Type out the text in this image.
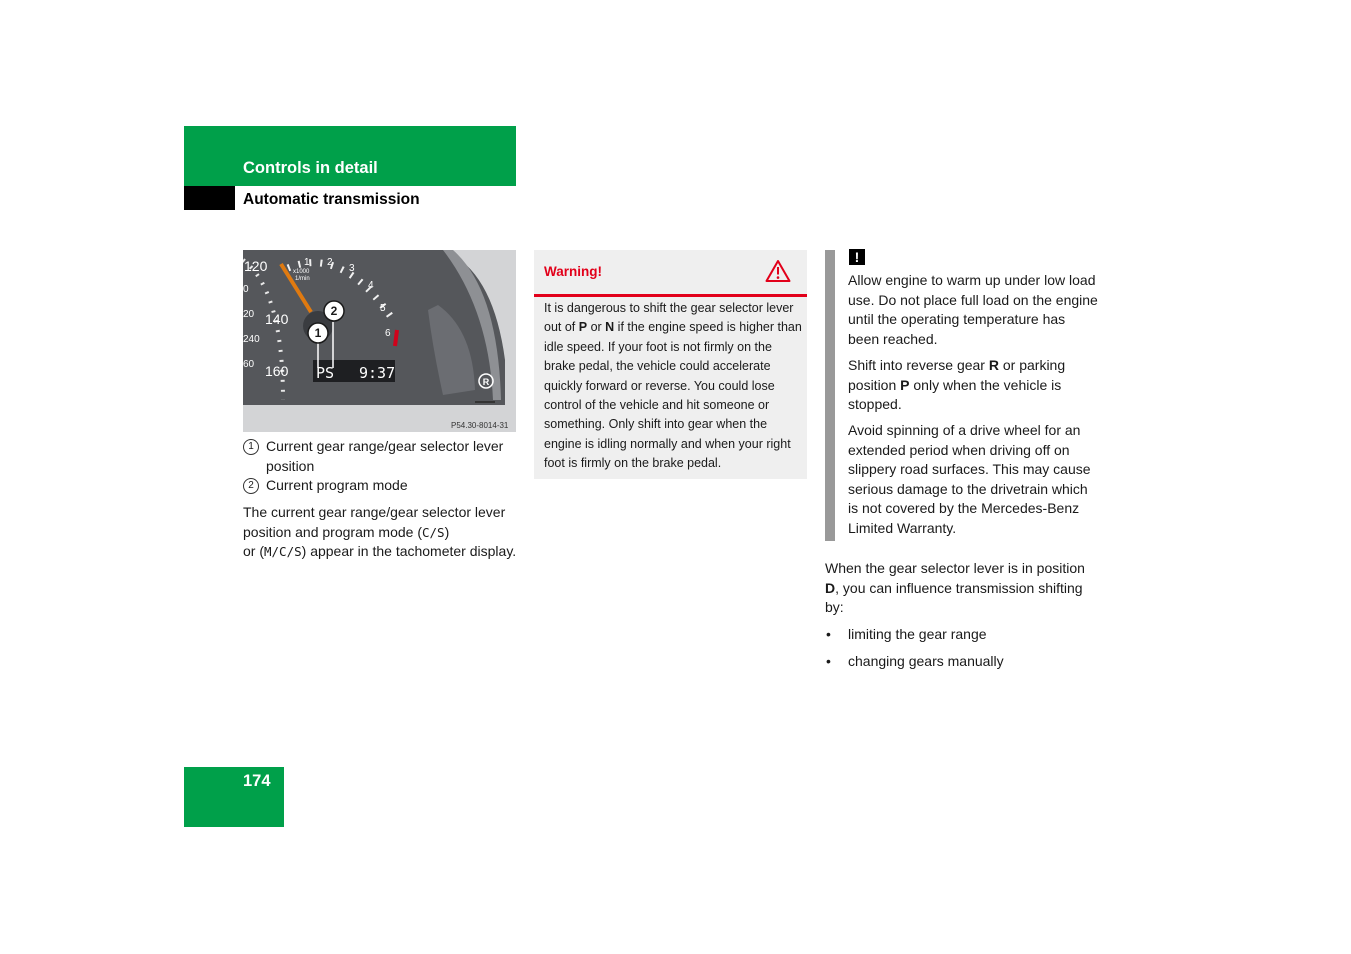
Controls in detail
Automatic transmission
120
140
160
0
20
240
60
1 2
3
4
5
6
x1000
1/min
PS 9:37
1
2
R
P54.30-8014-31
1 Current gear range/gear selector lever position
2 Current program mode
The current gear range/gear selector lever position and program mode (C/S)
or (M/C/S) appear in the tachometer display.
Warning!
It is dangerous to shift the gear selector lever out of P or N if the engine speed is higher than idle speed. If your foot is not firmly on the brake pedal, the vehicle could accelerate quickly forward or reverse. You could lose control of the vehicle and hit someone or something. Only shift into gear when the engine is idling normally and when your right foot is firmly on the brake pedal.
!
Allow engine to warm up under low load use. Do not place full load on the engine until the operating temperature has been reached.
Shift into reverse gear R or parking position P only when the vehicle is stopped.
Avoid spinning of a drive wheel for an extended period when driving off on slippery road surfaces. This may cause serious damage to the drivetrain which is not covered by the Mercedes-Benz Limited Warranty.
When the gear selector lever is in position D, you can influence transmission shifting by:
• limiting the gear range
• changing gears manually
174
